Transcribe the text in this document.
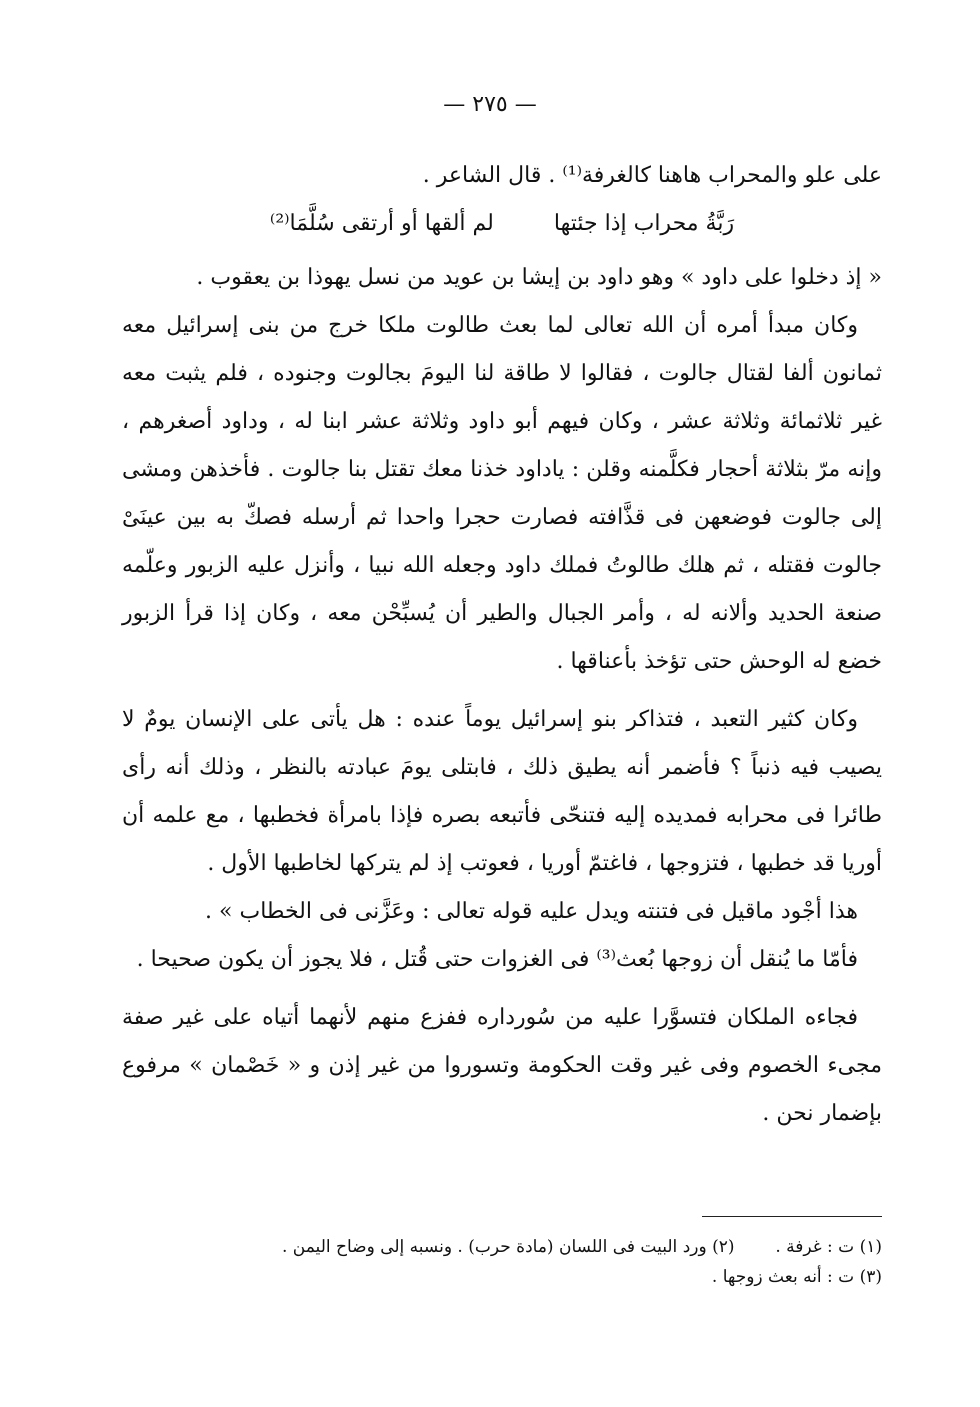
— ٢٧٥ —

على علو والمحراب هاهنا كالغرفة⁽¹⁾ . قال الشاعر .

رَبَّةُ محراب إذا جئتها
لم ألقها أو أرتقى سُلَّمَا⁽²⁾

« إذ دخلوا على داود » وهو داود بن إيشا بن عويد من نسل يهوذا بن يعقوب .

وكان مبدأ أمره أن الله تعالى لما بعث طالوت ملكا خرج من بنى إسرائيل معه ثمانون ألفا لقتال جالوت ، فقالوا لا طاقة لنا اليومَ بجالوت وجنوده ، فلم يثبت معه غير ثلاثمائة وثلاثة عشر ، وكان فيهم أبو داود وثلاثة عشر ابنا له ، وداود أصغرهم ، وإنه مرّ بثلاثة أحجار فكلَّمنه وقلن : ياداود خذنا معك تقتل بنا جالوت . فأخذهن ومشى إلى جالوت فوضعهن فى قذَّافته فصارت حجرا واحدا ثم أرسله فصكّ به بين عينَىْ جالوت فقتله ، ثم هلك طالوتُ فملك داود وجعله الله نبيا ، وأنزل عليه الزبور وعلّمه صنعة الحديد وألانه له ، وأمر الجبال والطير أن يُسبِّحْن معه ، وكان إذا قرأ الزبور خضع له الوحش حتى تؤخذ بأعناقها .

وكان كثير التعبد ، فتذاكر بنو إسرائيل يوماً عنده : هل يأتى على الإنسان يومٌ لا يصيب فيه ذنباً ؟ فأضمر أنه يطيق ذلك ، فابتلى يومَ عبادته بالنظر ، وذلك أنه رأى طائرا فى محرابه فمديده إليه فتنحّى فأتبعه بصره فإذا بامرأة فخطبها ، مع علمه أن أوريا قد خطبها ، فتزوجها ، فاغتمّ أوريا ، فعوتب إذ لم يتركها لخاطبها الأول .

هذا أجْود ماقيل فى فتنته ويدل عليه قوله تعالى : وعَزَّنى فى الخطاب » .

فأمّا ما يُنقل أن زوجها بُعث⁽³⁾ فى الغزوات حتى قُتل ، فلا يجوز أن يكون صحيحا .

فجاءه الملكان فتسوَّرا عليه من سُورداره ففزع منهم لأنهما أتياه على غير صفة مجىء الخصوم وفى غير وقت الحكومة وتسوروا من غير إذن و « خَصْمان » مرفوع بإضمار نحن .

(١) ت : غرفة .  (٢) ورد البيت فى اللسان (مادة حرب) . ونسبه إلى وضاح اليمن .
(٣) ت : أنه بعث زوجها .
